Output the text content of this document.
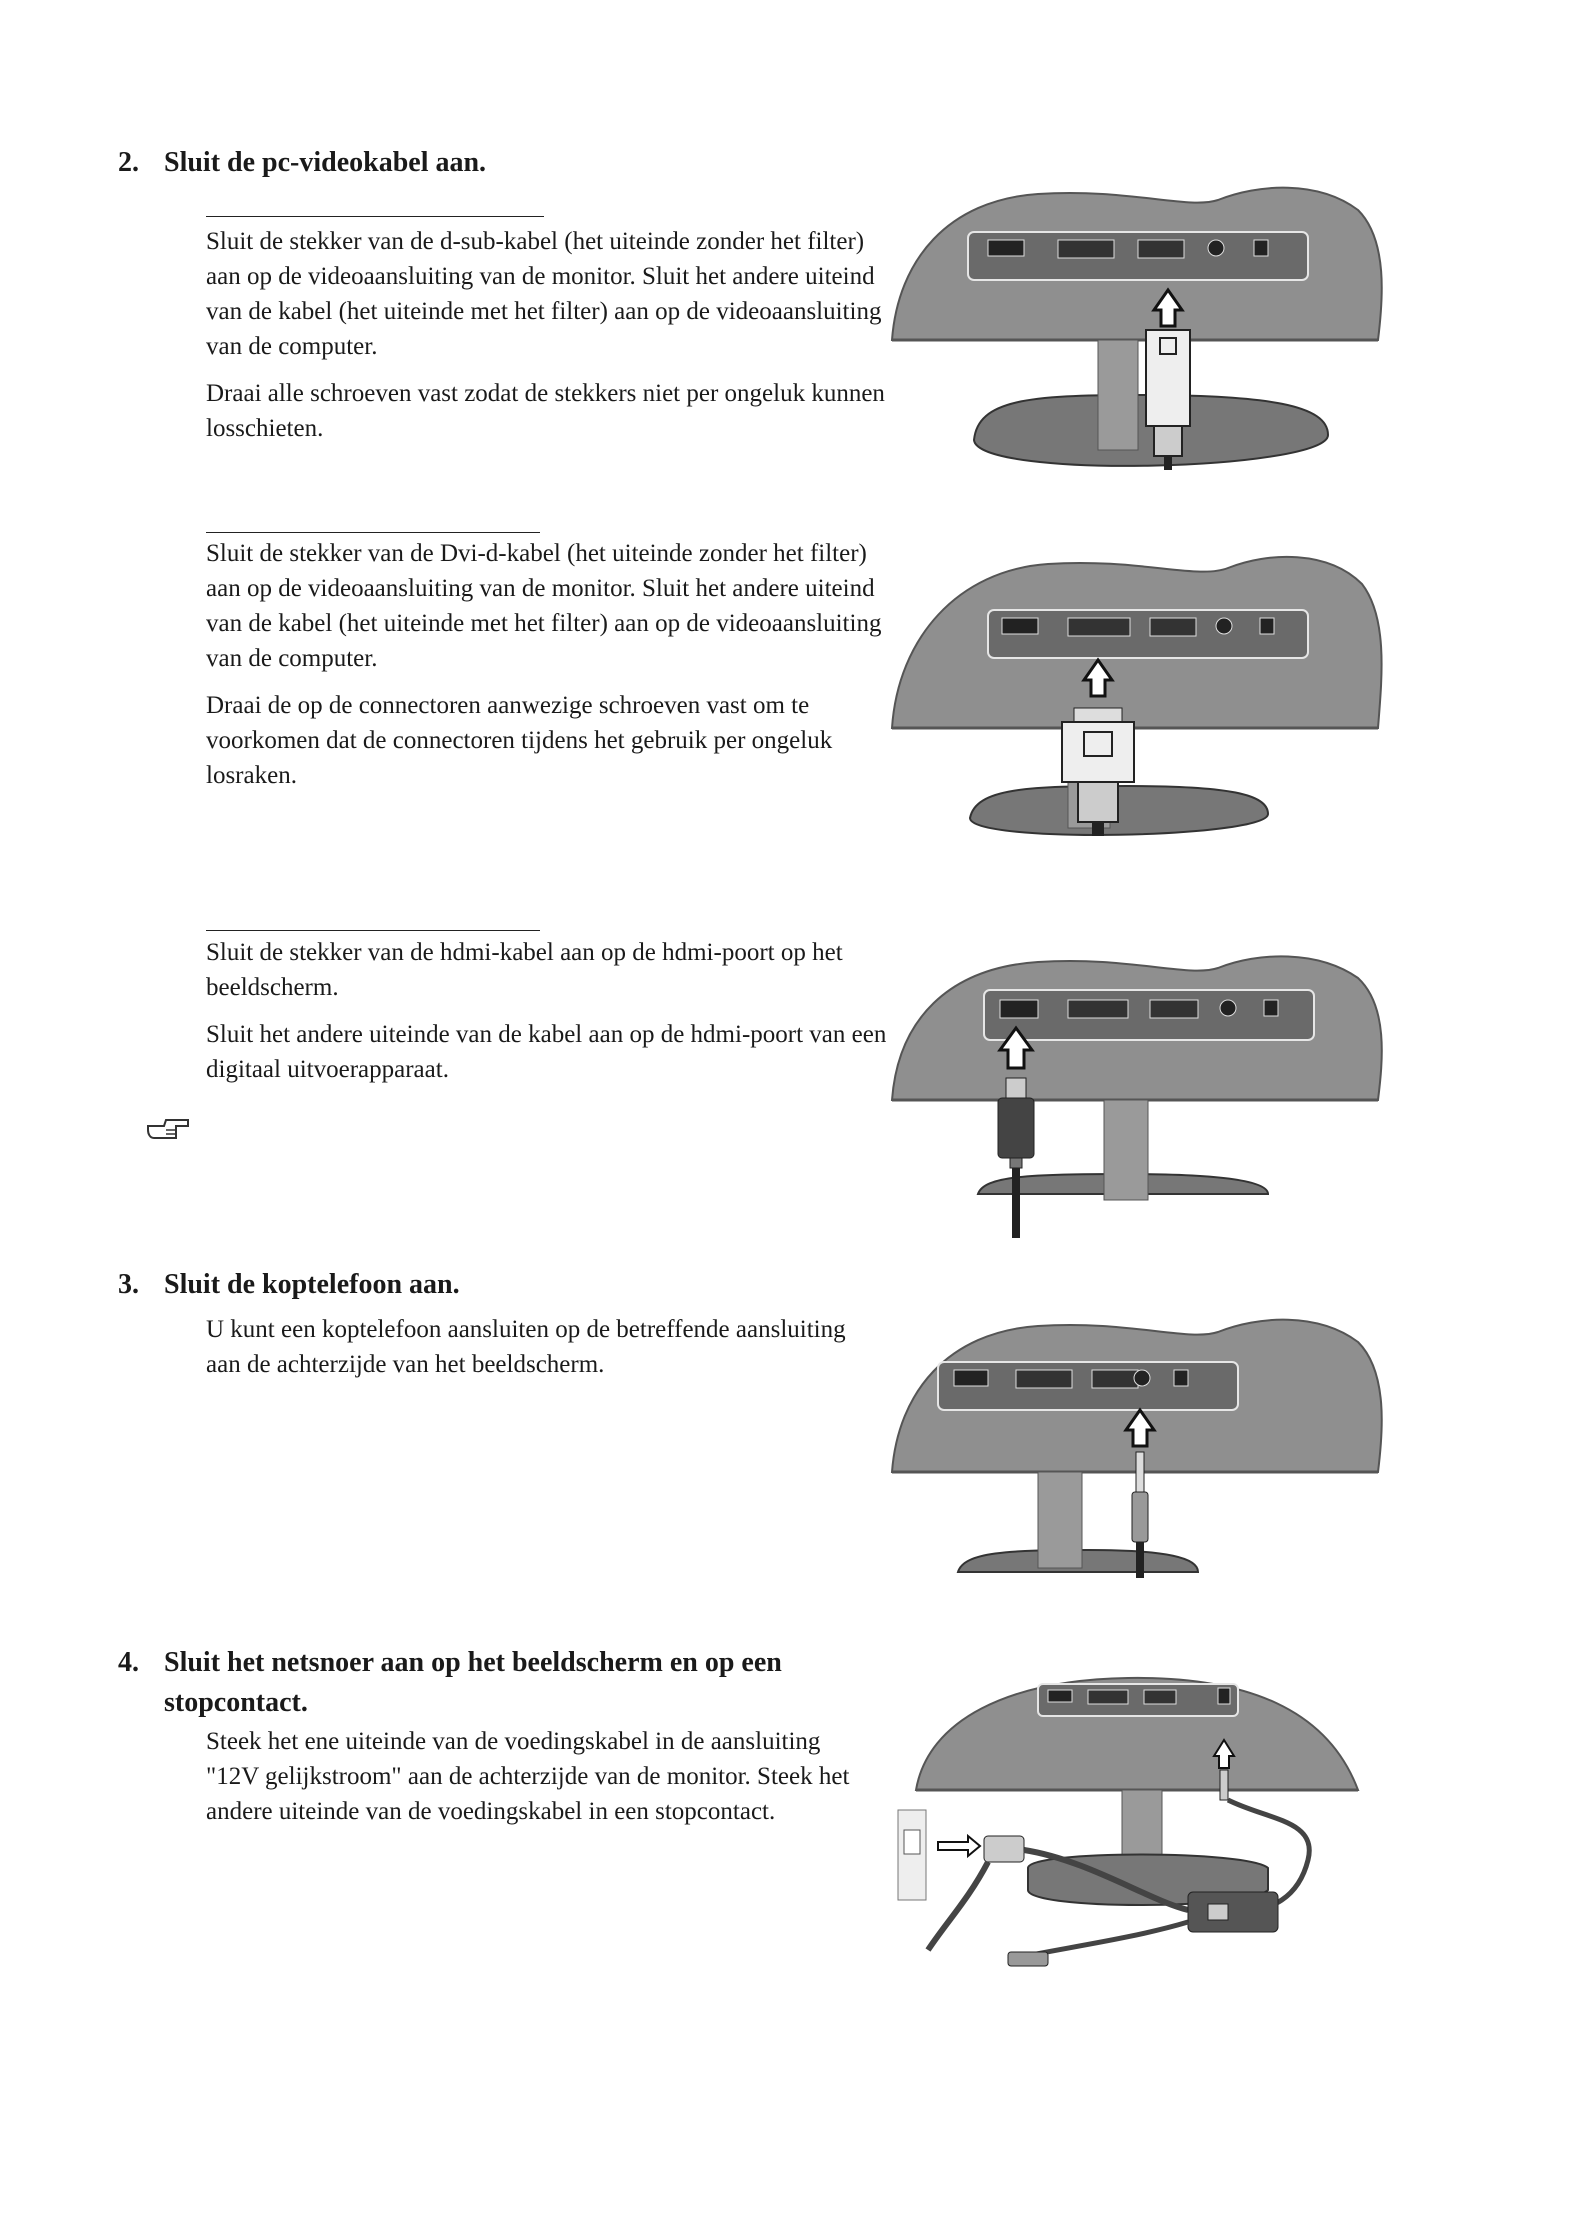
2. Sluit de pc-videokabel aan.

Sluit de stekker van de d-sub-kabel (het uiteinde zonder het filter) aan op de videoaansluiting van de monitor. Sluit het andere uiteind van de kabel (het uiteinde met het filter) aan op de videoaansluiting van de computer.

Draai alle schroeven vast zodat de stekkers niet per ongeluk kunnen losschieten.

Sluit de stekker van de Dvi-d-kabel (het uiteinde zonder het filter) aan op de videoaansluiting van de monitor. Sluit het andere uiteind van de kabel (het uiteinde met het filter) aan op de videoaansluiting van de computer.

Draai de op de connectoren aanwezige schroeven vast om te voorkomen dat de connectoren tijdens het gebruik per ongeluk losraken.

Sluit de stekker van de hdmi-kabel aan op de hdmi-poort op het beeldscherm.

Sluit het andere uiteinde van de kabel aan op de hdmi-poort van een digitaal uitvoerapparaat.

3. Sluit de koptelefoon aan.

U kunt een koptelefoon aansluiten op de betreffende aansluiting aan de achterzijde van het beeldscherm.

4. Sluit het netsnoer aan op het beeldscherm en op een stopcontact.

Steek het ene uiteinde van de voedingskabel in de aansluiting "12V gelijkstroom" aan de achterzijde van de monitor. Steek het andere uiteinde van de voedingskabel in een stopcontact.
